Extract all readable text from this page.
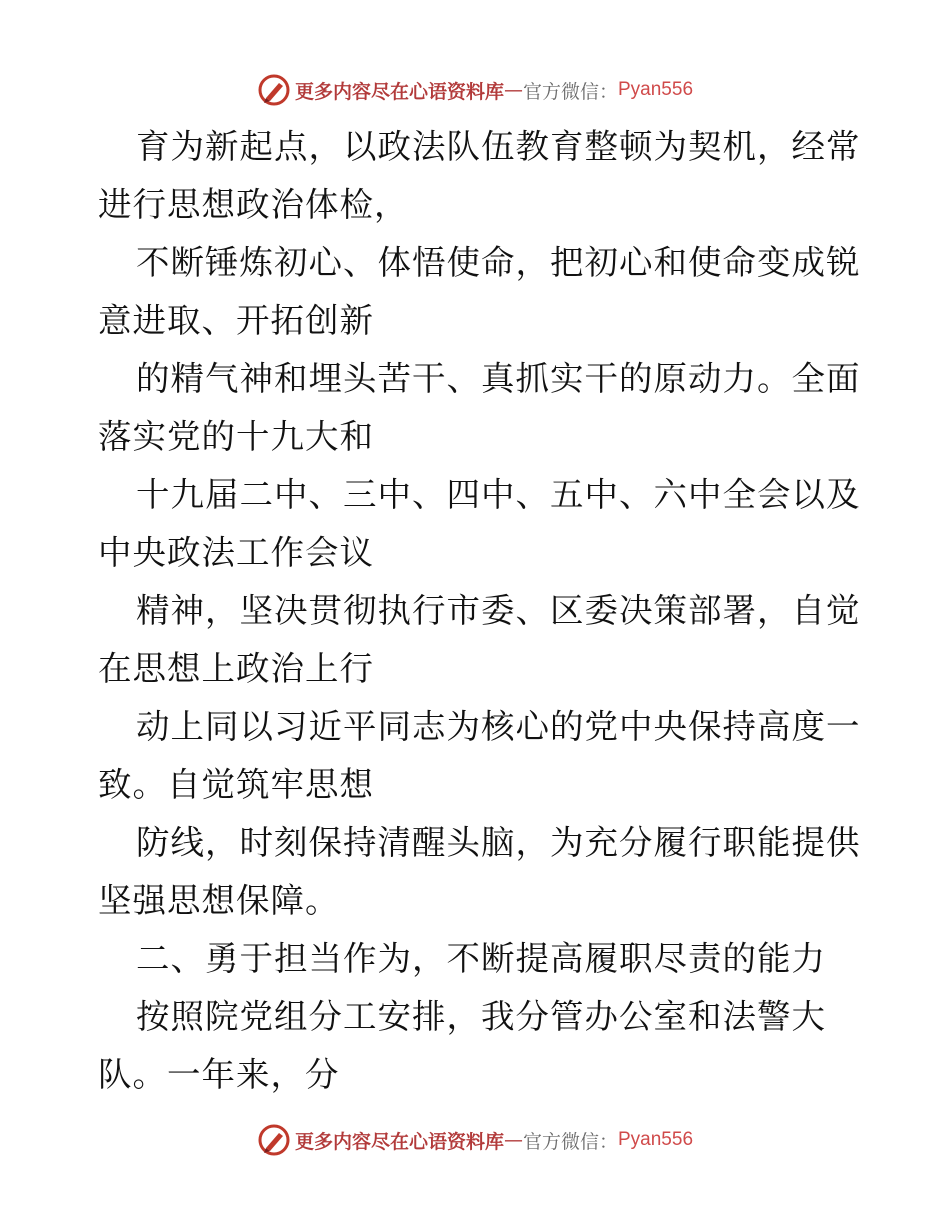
更多内容尽在心语资料库 — 官方微信： Pyan556
育为新起点，以政法队伍教育整顿为契机，经常
进行思想政治体检，
不断锤炼初心、体悟使命，把初心和使命变成锐
意进取、开拓创新
的精气神和埋头苦干、真抓实干的原动力。全面
落实党的十九大和
十九届二中、三中、四中、五中、六中全会以及
中央政法工作会议
精神，坚决贯彻执行市委、区委决策部署，自觉
在思想上政治上行
动上同以习近平同志为核心的党中央保持高度一
致。自觉筑牢思想
防线，时刻保持清醒头脑，为充分履行职能提供
坚强思想保障。
二、勇于担当作为，不断提高履职尽责的能力
按照院党组分工安排，我分管办公室和法警大
队。一年来，分
更多内容尽在心语资料库 — 官方微信： Pyan556
